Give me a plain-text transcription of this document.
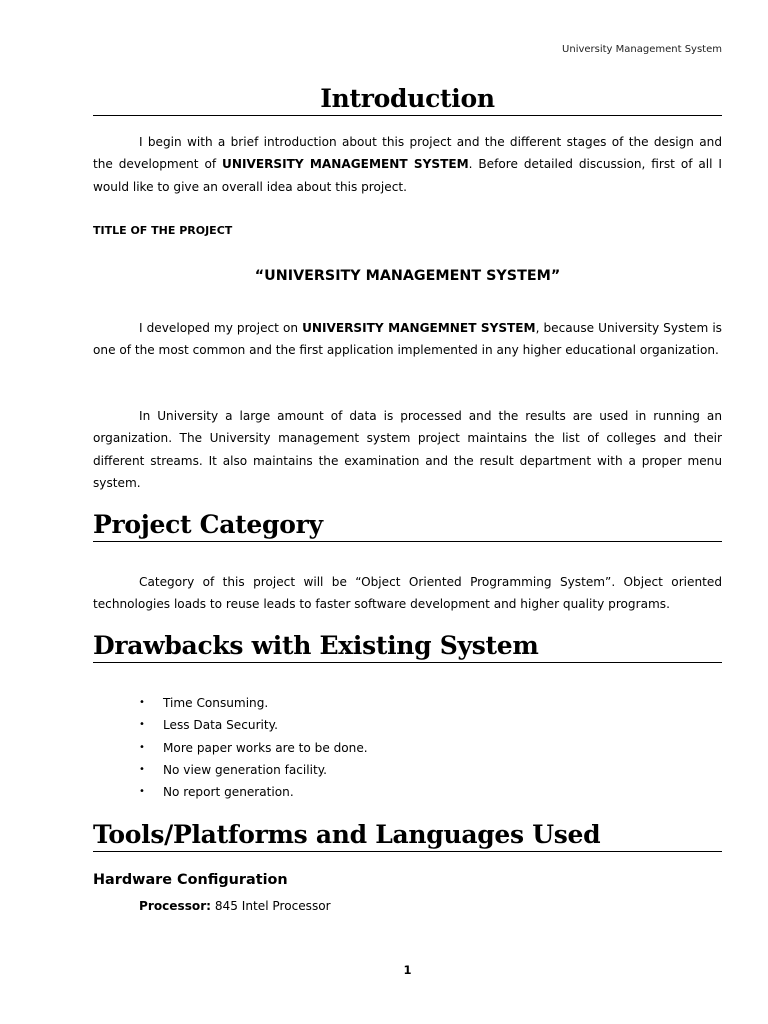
University Management System
Introduction

I begin with a brief introduction about this project and the different stages of the design and the development of UNIVERSITY MANAGEMENT SYSTEM. Before detailed discussion, first of all I would like to give an overall idea about this project.

TITLE OF THE PROJECT
“UNIVERSITY MANAGEMENT SYSTEM”

I developed my project on UNIVERSITY MANGEMNET SYSTEM, because University System is one of the most common and the first application implemented in any higher educational organization.

In University a large amount of data is processed and the results are used in running an organization. The University management system project maintains the list of colleges and their different streams. It also maintains the examination and the result department with a proper menu system.

Project Category

Category of this project will be “Object Oriented Programming System”. Object oriented technologies loads to reuse leads to faster software development and higher quality programs.

Drawbacks with Existing System
• Time Consuming.
• Less Data Security.
• More paper works are to be done.
• No view generation facility.
• No report generation.
Tools/Platforms and Languages Used
Hardware Configuration
Processor: 845 Intel Processor
1
